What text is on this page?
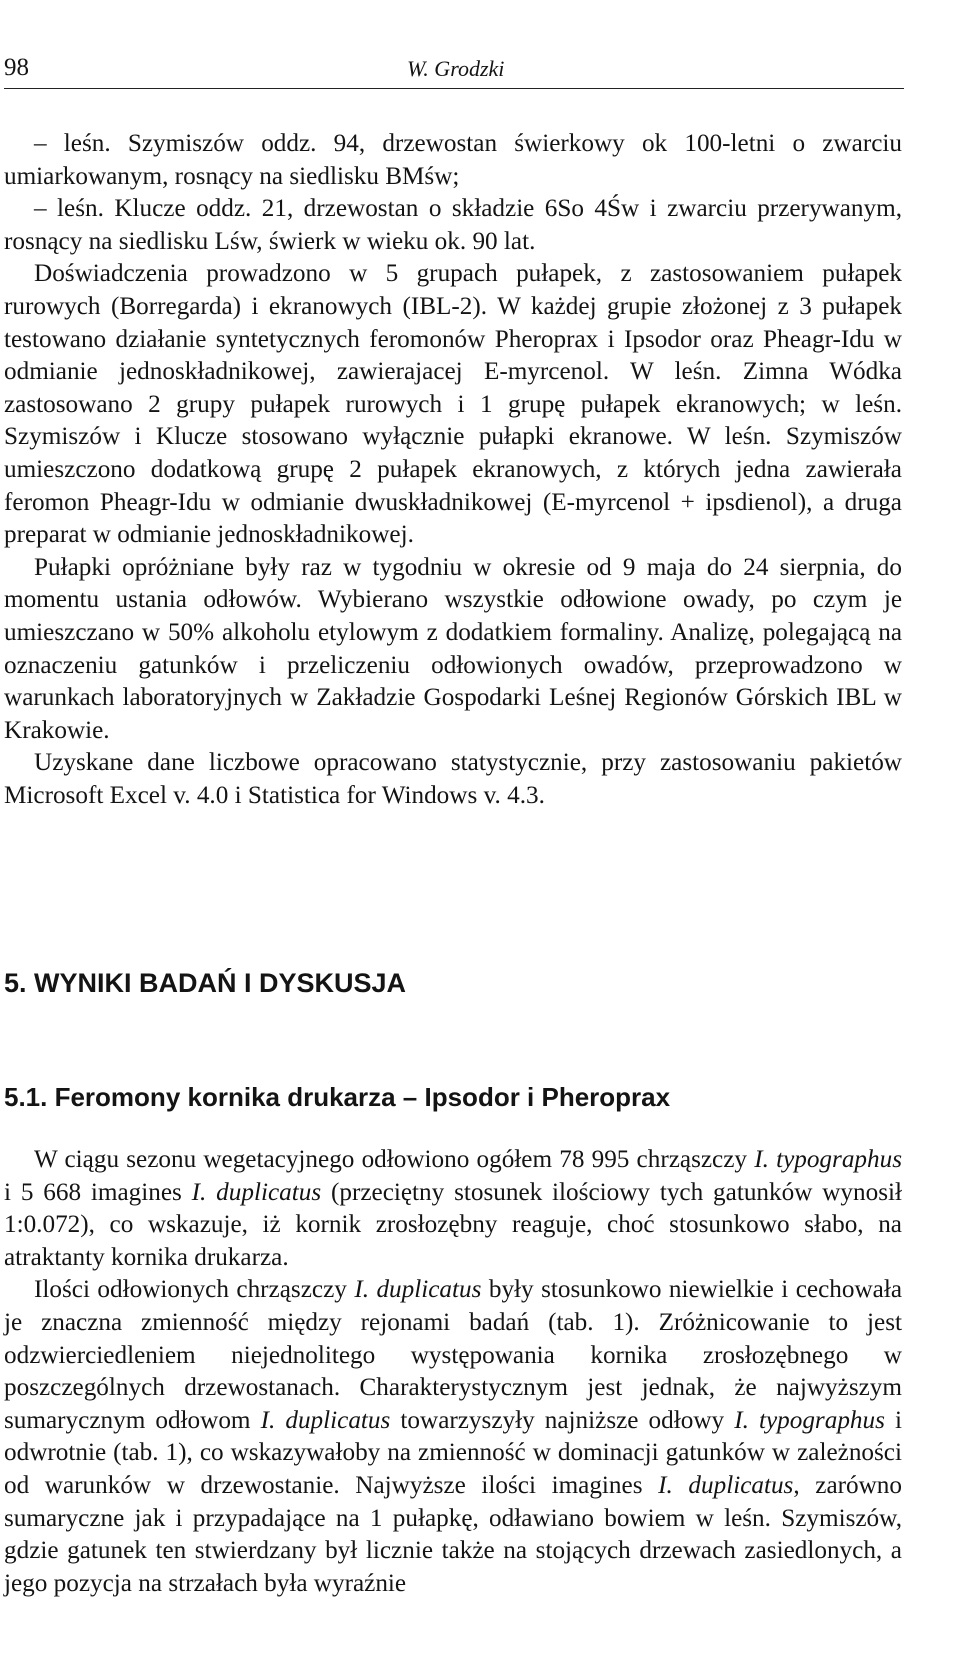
98	W. Grodzki

– leśn. Szymiszów oddz. 94, drzewostan świerkowy ok 100-letni o zwarciu umiarkowanym, rosnący na siedlisku BMśw;

– leśn. Klucze oddz. 21, drzewostan o składzie 6So 4Św i zwarciu przerywanym, rosnący na siedlisku Lśw, świerk w wieku ok. 90 lat.

Doświadczenia prowadzono w 5 grupach pułapek, z zastosowaniem pułapek rurowych (Borregarda) i ekranowych (IBL-2). W każdej grupie złożonej z 3 pułapek testowano działanie syntetycznych feromonów Pheroprax i Ipsodor oraz Pheagr-Idu w odmianie jednoskładnikowej, zawierajacej E-myrcenol. W leśn. Zimna Wódka zastosowano 2 grupy pułapek rurowych i 1 grupę pułapek ekranowych; w leśn. Szymiszów i Klucze stosowano wyłącznie pułapki ekranowe. W leśn. Szymiszów umieszczono dodatkową grupę 2 pułapek ekranowych, z których jedna zawierała feromon Pheagr-Idu w odmianie dwuskładnikowej (E-myrcenol + ipsdienol), a druga preparat w odmianie jednoskładnikowej.

Pułapki opróżniane były raz w tygodniu w okresie od 9 maja do 24 sierpnia, do momentu ustania odłowów. Wybierano wszystkie odłowione owady, po czym je umieszczano w 50% alkoholu etylowym z dodatkiem formaliny. Analizę, polegającą na oznaczeniu gatunków i przeliczeniu odłowionych owadów, przeprowadzono w warunkach laboratoryjnych w Zakładzie Gospodarki Leśnej Regionów Górskich IBL w Krakowie.

Uzyskane dane liczbowe opracowano statystycznie, przy zastosowaniu pakietów Microsoft Excel v. 4.0 i Statistica for Windows v. 4.3.

5. WYNIKI BADAŃ I DYSKUSJA
5.1. Feromony kornika drukarza – Ipsodor i Pheroprax

W ciągu sezonu wegetacyjnego odłowiono ogółem 78 995 chrząszczy I. typographus i 5 668 imagines I. duplicatus (przeciętny stosunek ilościowy tych gatunków wynosił 1:0.072), co wskazuje, iż kornik zrosłozębny reaguje, choć stosunkowo słabo, na atraktanty kornika drukarza.

Ilości odłowionych chrząszczy I. duplicatus były stosunkowo niewielkie i cechowała je znaczna zmienność między rejonami badań (tab. 1). Zróżnicowanie to jest odzwierciedleniem niejednolitego występowania kornika zrosłozębnego w poszczególnych drzewostanach. Charakterystycznym jest jednak, że najwyższym sumarycznym odłowom I. duplicatus towarzyszyły najniższe odłowy I. typographus i odwrotnie (tab. 1), co wskazywałoby na zmienność w dominacji gatunków w zależności od warunków w drzewostanie. Najwyższe ilości imagines I. duplicatus, zarówno sumaryczne jak i przypadające na 1 pułapkę, odławiano bowiem w leśn. Szymiszów, gdzie gatunek ten stwierdzany był licznie także na stojących drzewach zasiedlonych, a jego pozycja na strzałach była wyraźnie
